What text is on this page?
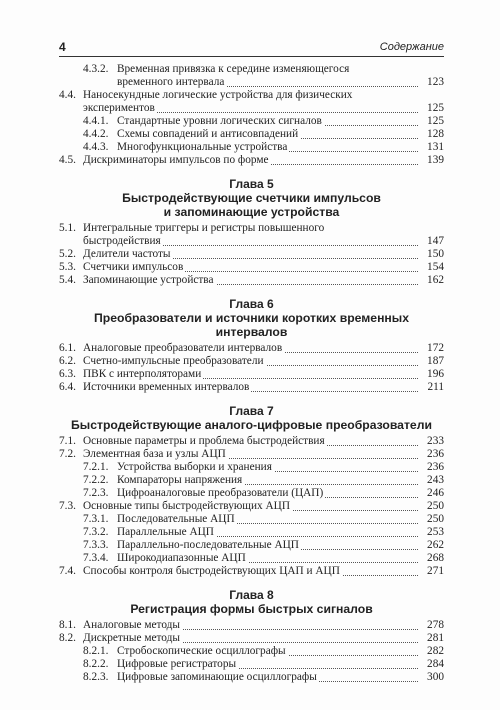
4	Содержание
4.3.2. Временная привязка к середине изменяющегося
временного интервала	123
4.4. Наносекундные логические устройства для физических
экспериментов	125
4.4.1. Стандартные уровни логических сигналов	125
4.4.2. Схемы совпадений и антисовпадений	128
4.4.3. Многофункциональные устройства	131
4.5. Дискриминаторы импульсов по форме	139
Глава 5
Быстродействующие счетчики импульсов
и запоминающие устройства
5.1. Интегральные триггеры и регистры повышенного
быстродействия	147
5.2. Делители частоты	150
5.3. Счетчики импульсов	154
5.4. Запоминающие устройства	162
Глава 6
Преобразователи и источники коротких временных интервалов
6.1. Аналоговые преобразователи интервалов	172
6.2. Счетно-импульсные преобразователи	187
6.3. ПВК с интерполяторами	196
6.4. Источники временных интервалов	211
Глава 7
Быстродействующие аналого-цифровые преобразователи
7.1. Основные параметры и проблема быстродействия	233
7.2. Элементная база и узлы АЦП	236
7.2.1. Устройства выборки и хранения	236
7.2.2. Компараторы напряжения	243
7.2.3. Цифроаналоговые преобразователи (ЦАП)	246
7.3. Основные типы быстродействующих АЦП	250
7.3.1. Последовательные АЦП	250
7.3.2. Параллельные АЦП	253
7.3.3. Параллельно-последовательные АЦП	262
7.3.4. Широкодиапазонные АЦП	268
7.4. Способы контроля быстродействующих ЦАП и АЦП	271
Глава 8
Регистрация формы быстрых сигналов
8.1. Аналоговые методы	278
8.2. Дискретные методы	281
8.2.1. Стробоскопические осциллографы	282
8.2.2. Цифровые регистраторы	284
8.2.3. Цифровые запоминающие осциллографы	300
